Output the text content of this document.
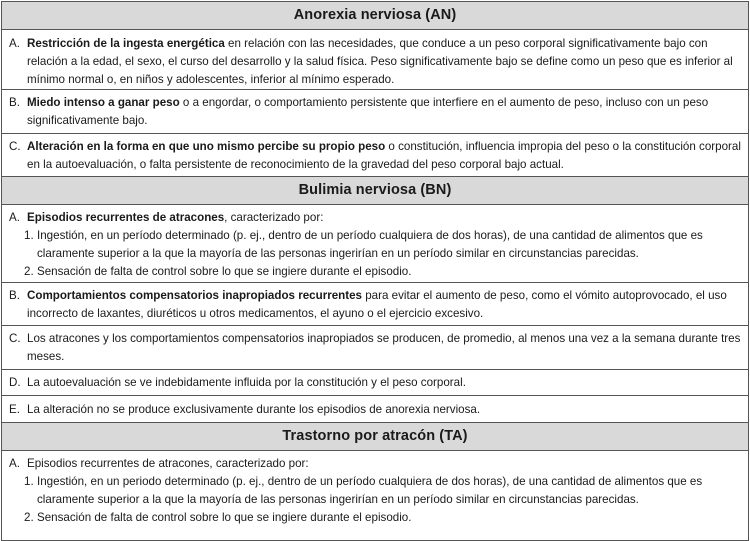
Anorexia nerviosa (AN)
A. Restricción de la ingesta energética en relación con las necesidades, que conduce a un peso corporal significativamente bajo con relación a la edad, el sexo, el curso del desarrollo y la salud física. Peso significativamente bajo se define como un peso que es inferior al mínimo normal o, en niños y adolescentes, inferior al mínimo esperado.
B. Miedo intenso a ganar peso o a engordar, o comportamiento persistente que interfiere en el aumento de peso, incluso con un peso significativamente bajo.
C. Alteración en la forma en que uno mismo percibe su propio peso o constitución, influencia impropia del peso o la constitución corporal en la autoevaluación, o falta persistente de reconocimiento de la gravedad del peso corporal bajo actual.
Bulimia nerviosa (BN)
A. Episodios recurrentes de atracones, caracterizado por:
1. Ingestión, en un período determinado (p. ej., dentro de un período cualquiera de dos horas), de una cantidad de alimentos que es claramente superior a la que la mayoría de las personas ingerirían en un período similar en circunstancias parecidas.
2. Sensación de falta de control sobre lo que se ingiere durante el episodio.
B. Comportamientos compensatorios inapropiados recurrentes para evitar el aumento de peso, como el vómito autoprovocado, el uso incorrecto de laxantes, diuréticos u otros medicamentos, el ayuno o el ejercicio excesivo.
C. Los atracones y los comportamientos compensatorios inapropiados se producen, de promedio, al menos una vez a la semana durante tres meses.
D. La autoevaluación se ve indebidamente influida por la constitución y el peso corporal.
E. La alteración no se produce exclusivamente durante los episodios de anorexia nerviosa.
Trastorno por atracón (TA)
A. Episodios recurrentes de atracones, caracterizado por:
1. Ingestión, en un periodo determinado (p. ej., dentro de un período cualquiera de dos horas), de una cantidad de alimentos que es claramente superior a la que la mayoría de las personas ingerirían en un período similar en circunstancias parecidas.
2. Sensación de falta de control sobre lo que se ingiere durante el episodio.
